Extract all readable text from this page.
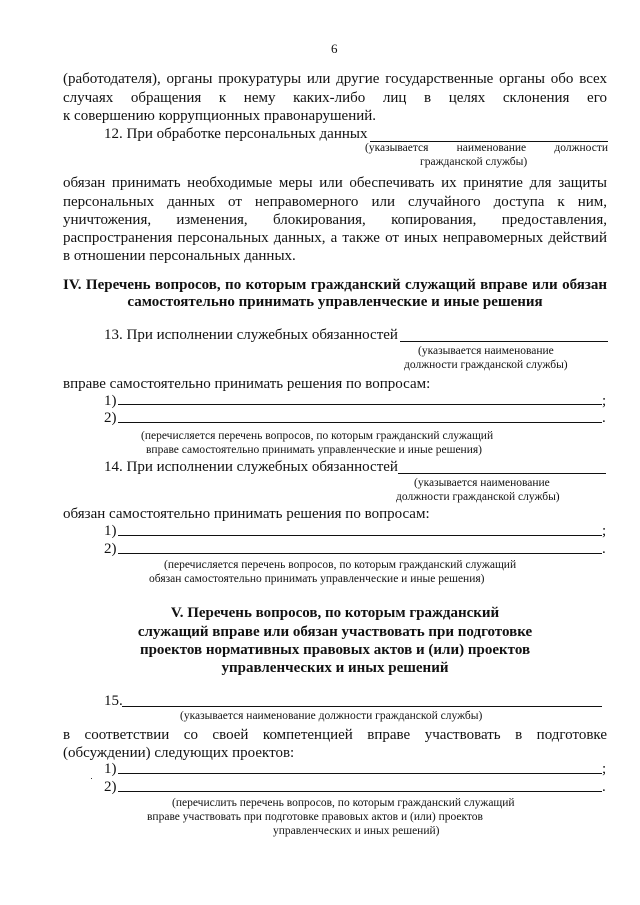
6
(работодателя), органы прокуратуры или другие государственные органы обо всех
случаях обращения к нему каких-либо лиц в целях склонения его
к совершению коррупционных правонарушений.
12. При обработке персональных данных
(указывается наименование должности
гражданской службы)
обязан принимать необходимые меры или обеспечивать их принятие для защиты
персональных данных от неправомерного или случайного доступа к ним,
уничтожения, изменения, блокирования, копирования, предоставления,
распространения персональных данных, а также от иных неправомерных действий
в отношении персональных данных.
IV. Перечень вопросов, по которым гражданский служащий вправе или обязан
самостоятельно принимать управленческие и иные решения
13. При исполнении служебных обязанностей
(указывается наименование
должности гражданской службы)
вправе самостоятельно принимать решения по вопросам:
1)	;
2)	.
(перечисляется перечень вопросов, по которым гражданский служащий
вправе самостоятельно принимать управленческие и иные решения)
14. При исполнении служебных обязанностей
(указывается наименование
должности гражданской службы)
обязан самостоятельно принимать решения по вопросам:
1)	;
2)	.
(перечисляется перечень вопросов, по которым гражданский служащий
обязан самостоятельно принимать управленческие и иные решения)
V. Перечень вопросов, по которым гражданский
служащий вправе или обязан участвовать при подготовке
проектов нормативных правовых актов и (или) проектов
управленческих и иных решений
15.
(указывается наименование должности гражданской службы)
в соответствии со своей компетенцией вправе участвовать в подготовке
(обсуждении) следующих проектов:
1)	;
2)	.
(перечислить перечень вопросов, по которым гражданский служащий
вправе участвовать при подготовке правовых актов и (или) проектов
управленческих и иных решений)
